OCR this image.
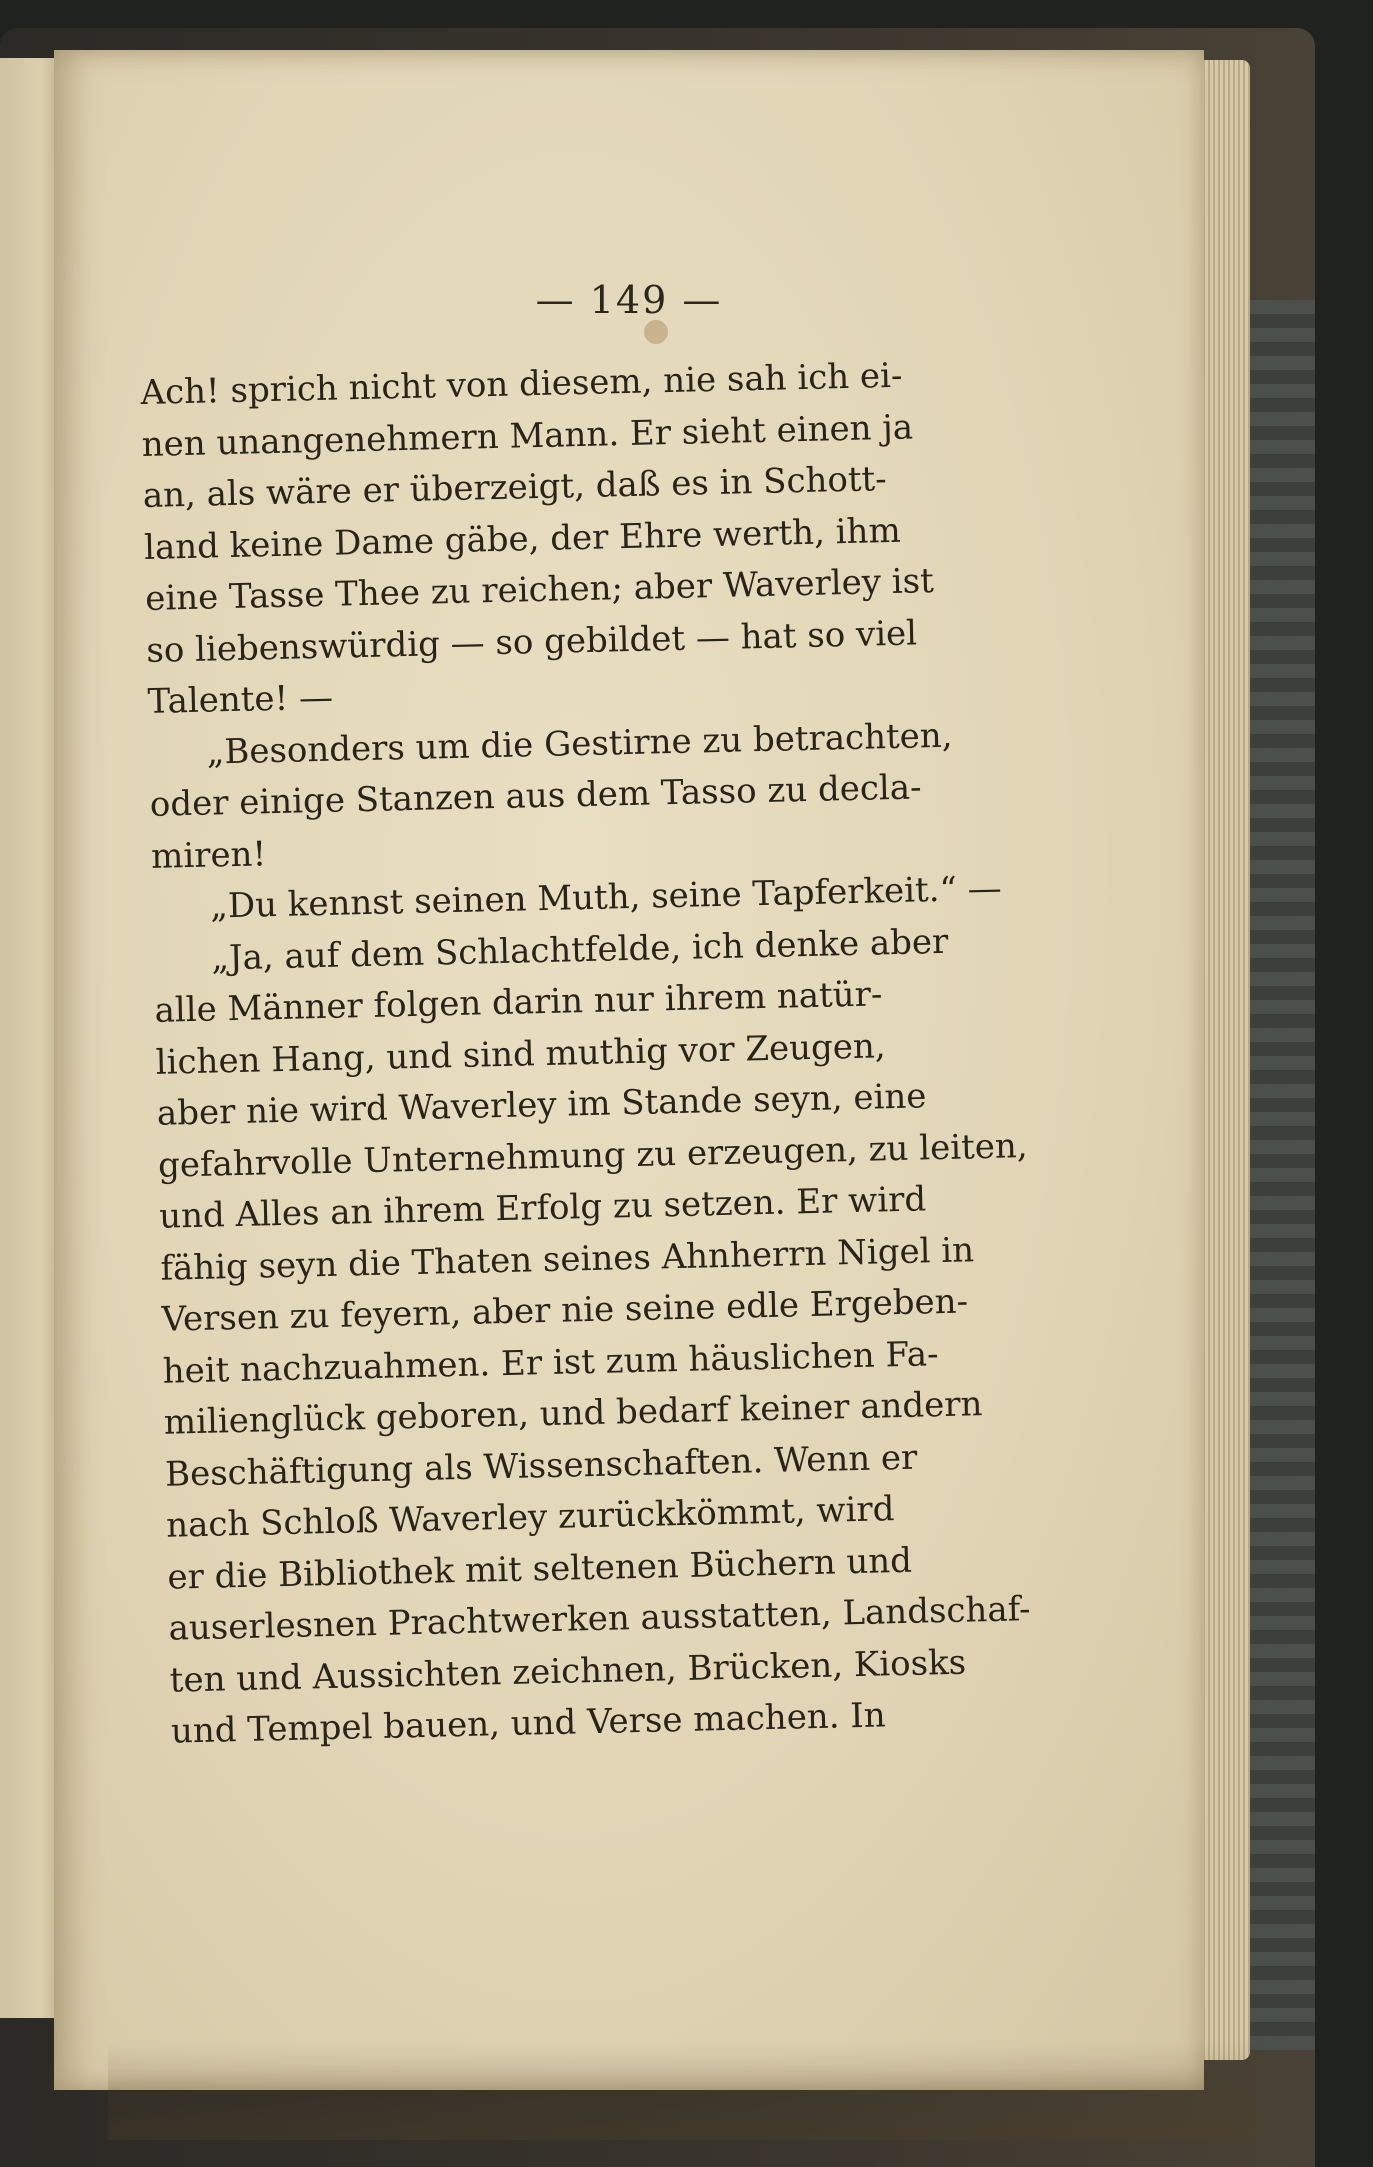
— 149 —
Ach! sprich nicht von diesem, nie sah ich ei-
nen unangenehmern Mann. Er sieht einen ja
an, als wäre er überzeigt, daß es in Schott-
land keine Dame gäbe, der Ehre werth, ihm
eine Tasse Thee zu reichen; aber Waverley ist
so liebenswürdig — so gebildet — hat so viel
Talente! —
„Besonders um die Gestirne zu betrachten,
oder einige Stanzen aus dem Tasso zu decla-
miren!
„Du kennst seinen Muth, seine Tapferkeit.“ —
„Ja, auf dem Schlachtfelde, ich denke aber
alle Männer folgen darin nur ihrem natür-
lichen Hang, und sind muthig vor Zeugen,
aber nie wird Waverley im Stande seyn, eine
gefahrvolle Unternehmung zu erzeugen, zu leiten,
und Alles an ihrem Erfolg zu setzen. Er wird
fähig seyn die Thaten seines Ahnherrn Nigel in
Versen zu feyern, aber nie seine edle Ergeben-
heit nachzuahmen. Er ist zum häuslichen Fa-
milienglück geboren, und bedarf keiner andern
Beschäftigung als Wissenschaften. Wenn er
nach Schloß Waverley zurückkömmt, wird
er die Bibliothek mit seltenen Büchern und
auserlesnen Prachtwerken ausstatten, Landschaf-
ten und Aussichten zeichnen, Brücken, Kiosks
und Tempel bauen, und Verse machen. In
